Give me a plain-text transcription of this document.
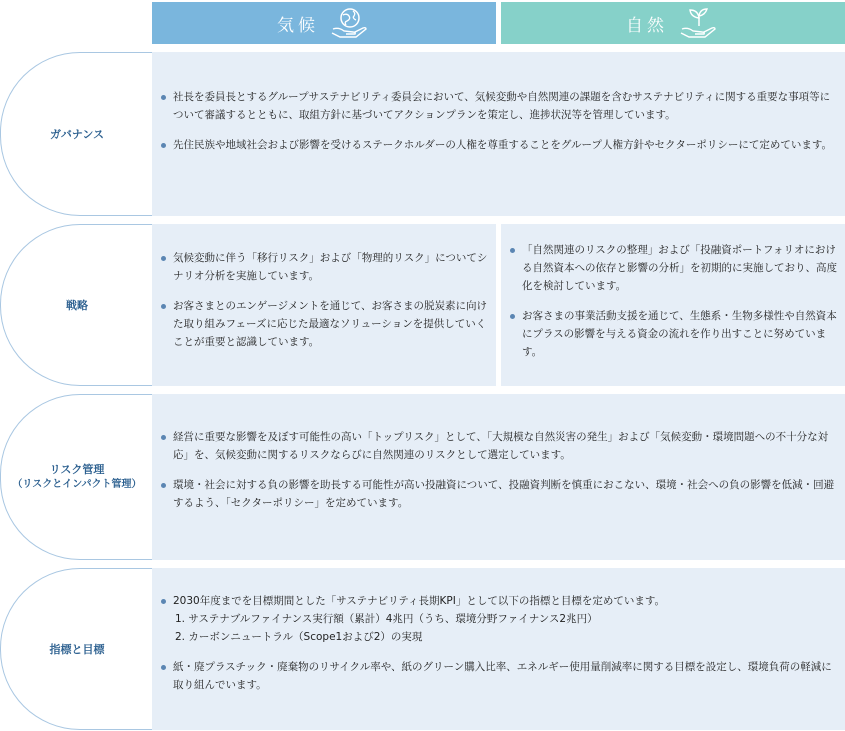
気候	自然
ガバナンス
社長を委員長とするグループサステナビリティ委員会において、気候変動や自然関連の課題を含むサステナビリティに関する重要な事項等について審議するとともに、取組方針に基づいてアクションプランを策定し、進捗状況等を管理しています。
先住民族や地域社会および影響を受けるステークホルダーの人権を尊重することをグループ人権方針やセクターポリシーにて定めています。
戦略
気候変動に伴う「移行リスク」および「物理的リスク」についてシナリオ分析を実施しています。
お客さまとのエンゲージメントを通じて、お客さまの脱炭素に向けた取り組みフェーズに応じた最適なソリューションを提供していくことが重要と認識しています。
「自然関連のリスクの整理」および「投融資ポートフォリオにおける自然資本への依存と影響の分析」を初期的に実施しており、高度化を検討しています。
お客さまの事業活動支援を通じて、生態系・生物多様性や自然資本にプラスの影響を与える資金の流れを作り出すことに努めています。
リスク管理
（リスクとインパクト管理）
経営に重要な影響を及ぼす可能性の高い「トップリスク」として、「大規模な自然災害の発生」および「気候変動・環境問題への不十分な対応」を、気候変動に関するリスクならびに自然関連のリスクとして選定しています。
環境・社会に対する負の影響を助長する可能性が高い投融資について、投融資判断を慎重におこない、環境・社会への負の影響を低減・回避するよう、「セクターポリシー」を定めています。
指標と目標
2030年度までを目標期間とした「サステナビリティ長期KPI」として以下の指標と目標を定めています。
1. サステナブルファイナンス実行額（累計）4兆円（うち、環境分野ファイナンス2兆円）
2. カーボンニュートラル（Scope1および2）の実現
紙・廃プラスチック・廃棄物のリサイクル率や、紙のグリーン購入比率、エネルギー使用量削減率に関する目標を設定し、環境負荷の軽減に取り組んでいます。
